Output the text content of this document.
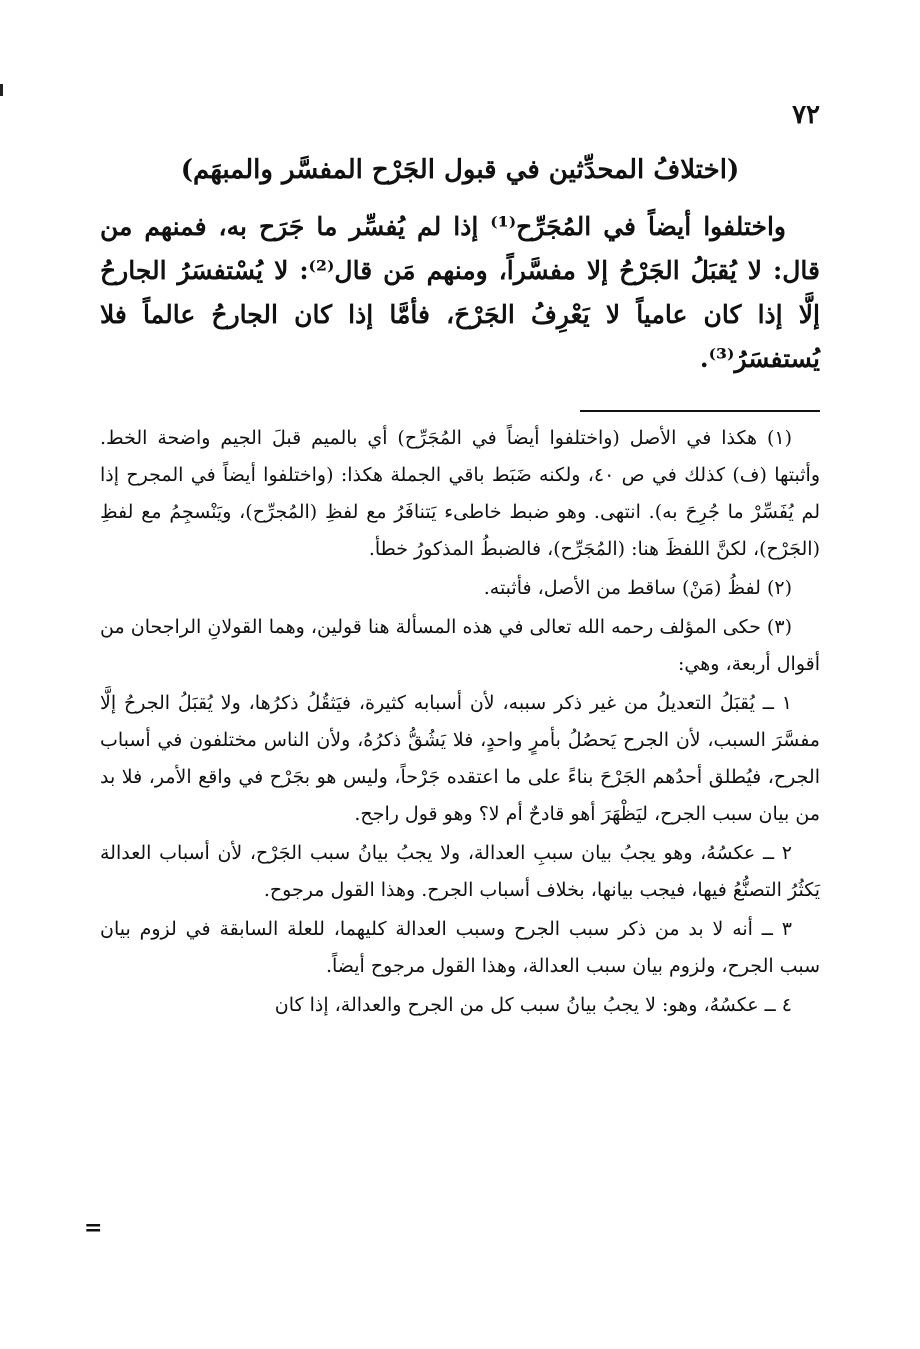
٧٢
(اختلافُ المحدِّثين في قبول الجَرْح المفسَّر والمبهَم)

واختلفوا أيضاً في المُجَرِّح⁽¹⁾ إذا لم يُفسِّر ما جَرَح به، فمنهم من قال: لا يُقبَلُ الجَرْحُ إلا مفسَّراً، ومنهم مَن قال⁽²⁾: لا يُسْتفسَرُ الجارحُ إلَّا إذا كان عامياً لا يَعْرِفُ الجَرْحَ، فأمَّا إذا كان الجارحُ عالماً فلا يُستفسَرُ⁽³⁾.

(١) هكذا في الأصل (واختلفوا أيضاً في المُجَرِّح) أي بالميم قبلَ الجيم واضحة الخط. وأثبتها (ف) كذلك في ص ٤٠، ولكنه ضَبَط باقي الجملة هكذا: (واختلفوا أيضاً في المجرح إذا لم يُفَسِّرْ ما جُرِحَ به). انتهى. وهو ضبط خاطىء يَتنافَرُ مع لفظِ (المُجرِّح)، ويَنْسجِمُ مع لفظِ (الجَرْح)، لكنَّ اللفظَ هنا: (المُجَرِّح)، فالضبطُ المذكورُ خطأ.

(٢) لفظُ (مَنْ) ساقط من الأصل، فأثبته.

(٣) حكى المؤلف رحمه الله تعالى في هذه المسألة هنا قولين، وهما القولانِ الراجحان من أقوال أربعة، وهي:

١ ــ يُقبَلُ التعديلُ من غير ذكر سببه، لأن أسبابه كثيرة، فيَثقُلُ ذكرُها، ولا يُقبَلُ الجرحُ إلَّا مفسَّرَ السبب، لأن الجرح يَحصُلُ بأمرٍ واحدٍ، فلا يَشُقُّ ذكرُهُ، ولأن الناس مختلفون في أسباب الجرح، فيُطلق أحدُهم الجَرْحَ بناءً على ما اعتقده جَرْحاً، وليس هو بجَرْح في واقع الأمر، فلا بد من بيان سبب الجرح، ليَظْهَرَ أهو قادحٌ أم لا؟ وهو قول راجح.

٢ ــ عكسُهُ، وهو يجبُ بيان سببِ العدالة، ولا يجبُ بيانُ سبب الجَرْح، لأن أسباب العدالة يَكثُرُ التصنُّعُ فيها، فيجب بيانها، بخلاف أسباب الجرح. وهذا القول مرجوح.

٣ ــ أنه لا بد من ذكر سبب الجرح وسبب العدالة كليهما، للعلة السابقة في لزوم بيان سبب الجرح، ولزوم بيان سبب العدالة، وهذا القول مرجوح أيضاً.

٤ ــ عكسُهُ، وهو: لا يجبُ بيانُ سبب كل من الجرح والعدالة، إذا كان

=
